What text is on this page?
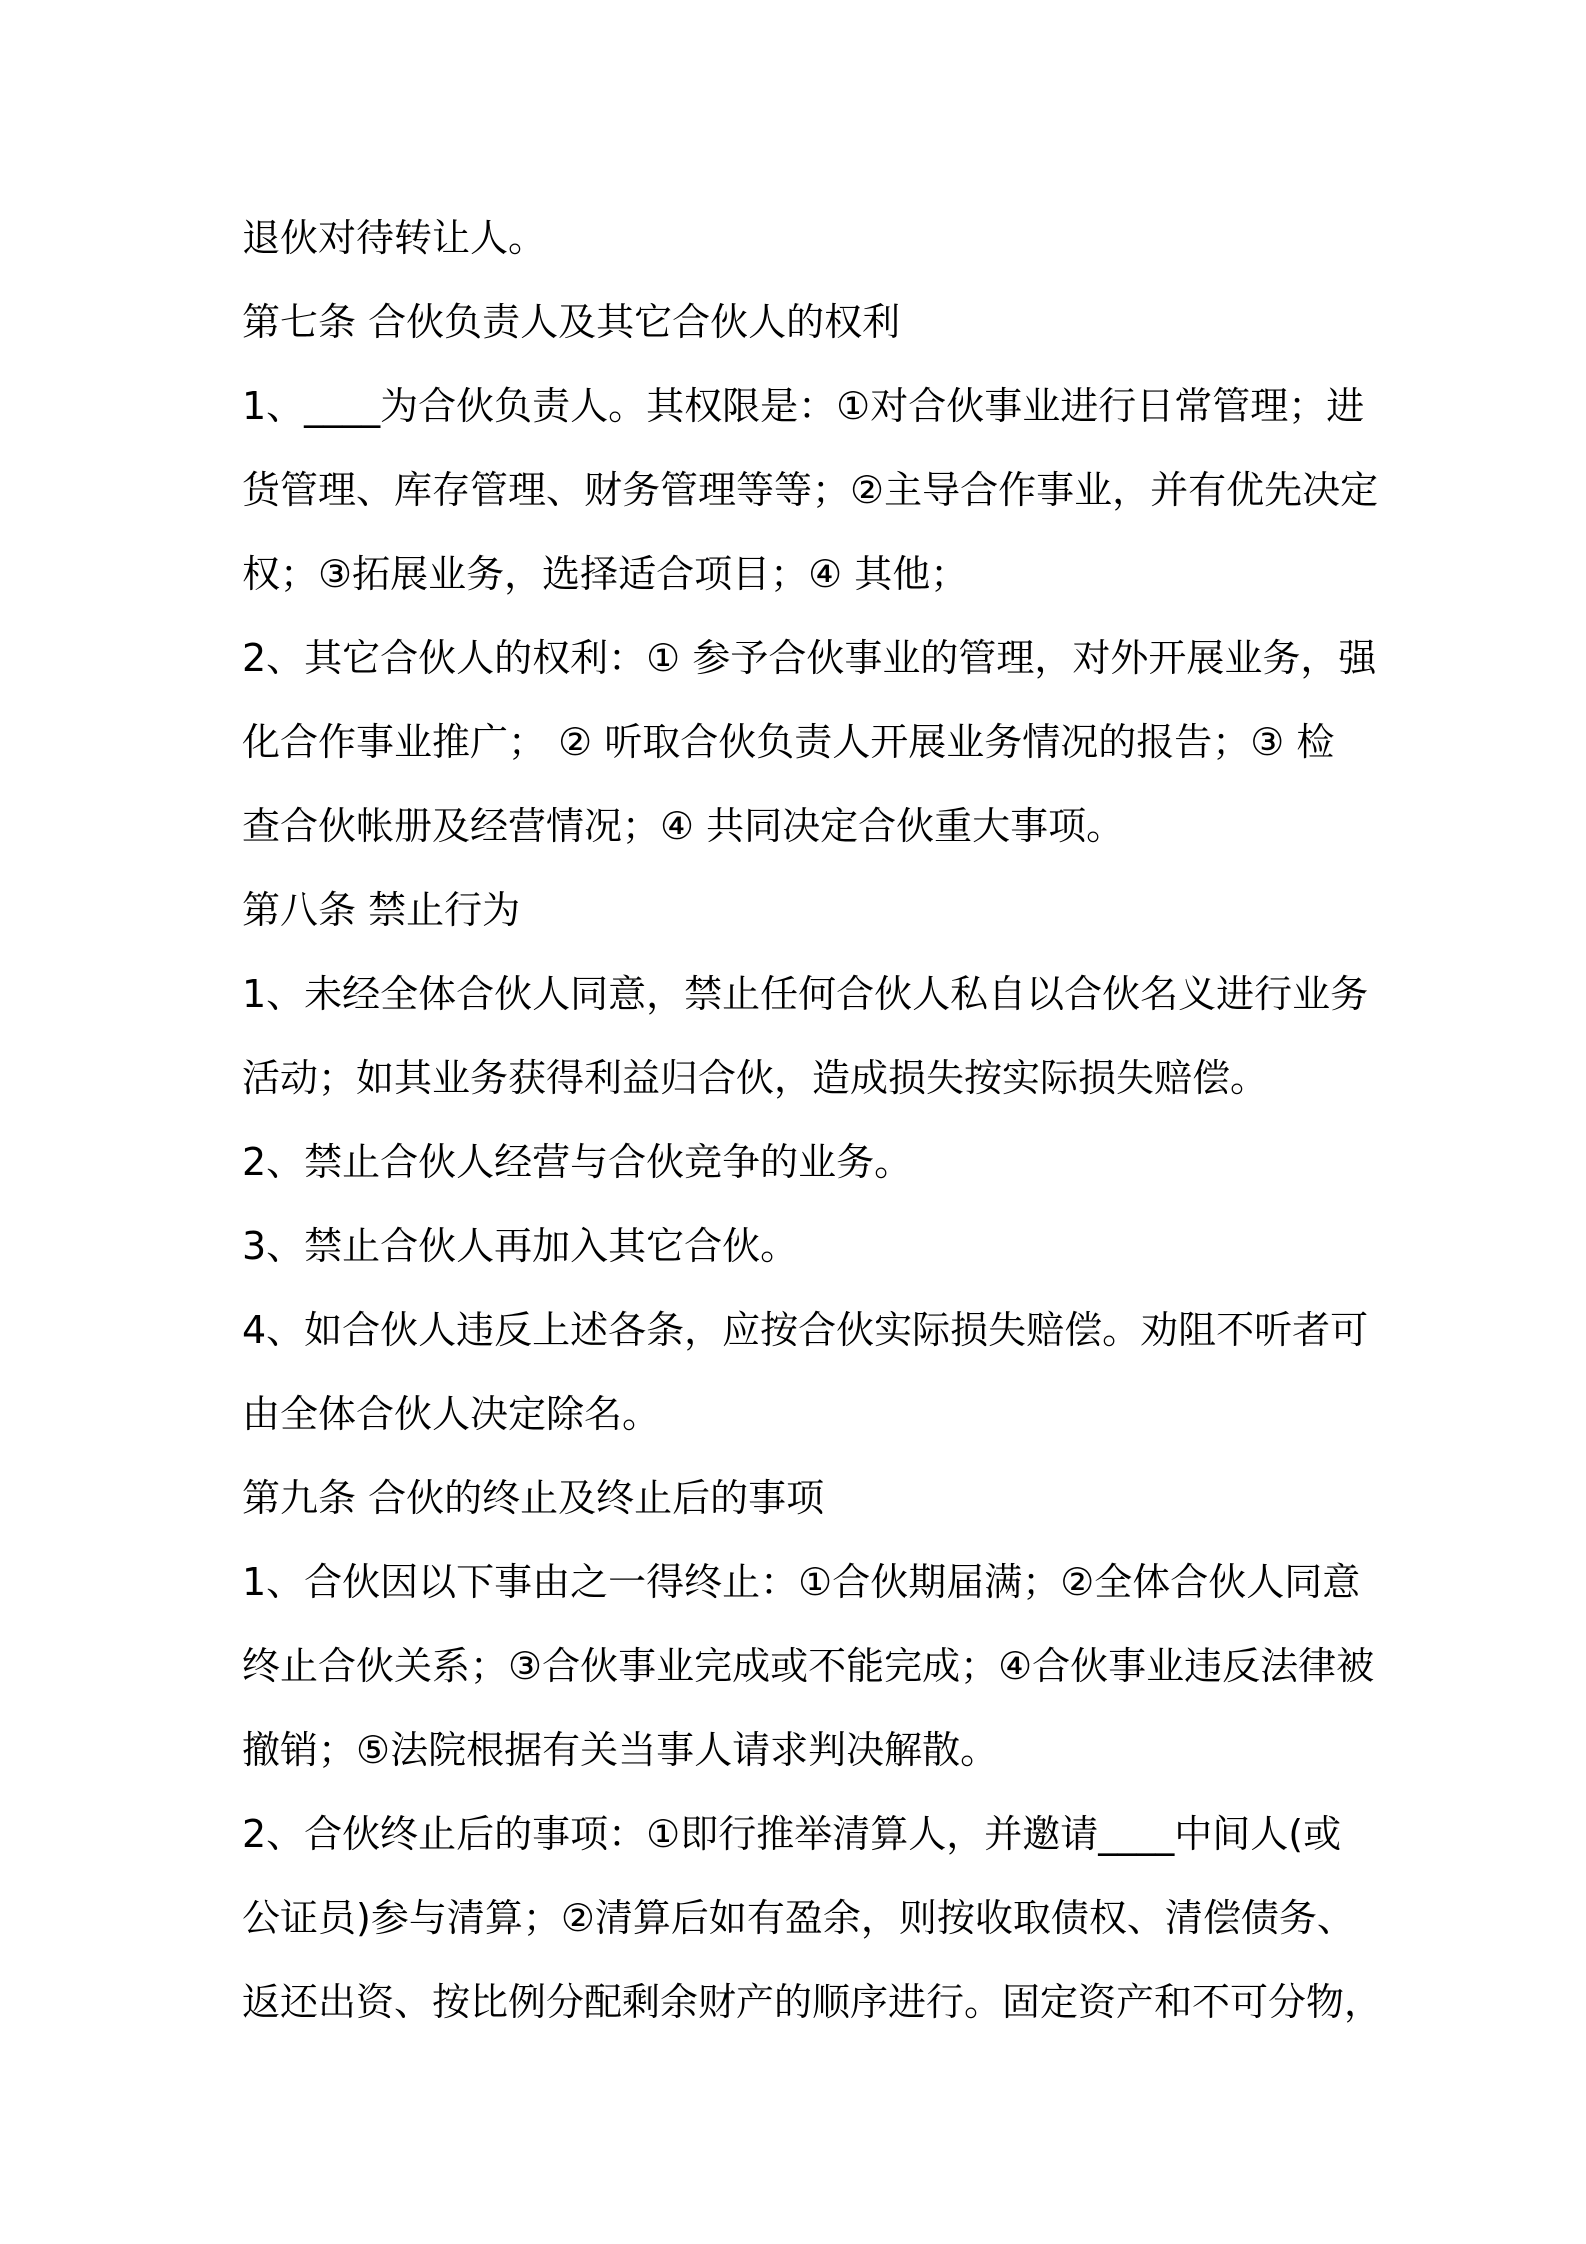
退伙对待转让人。
第七条 合伙负责人及其它合伙人的权利
1、____为合伙负责人。其权限是：①对合伙事业进行日常管理；进
货管理、库存管理、财务管理等等；②主导合作事业，并有优先决定
权；③拓展业务，选择适合项目；④ 其他；
2、其它合伙人的权利：① 参予合伙事业的管理，对外开展业务，强
化合作事业推广； ② 听取合伙负责人开展业务情况的报告；③ 检
查合伙帐册及经营情况；④ 共同决定合伙重大事项。
第八条 禁止行为
1、未经全体合伙人同意，禁止任何合伙人私自以合伙名义进行业务
活动；如其业务获得利益归合伙，造成损失按实际损失赔偿。
2、禁止合伙人经营与合伙竞争的业务。
3、禁止合伙人再加入其它合伙。
4、如合伙人违反上述各条，应按合伙实际损失赔偿。劝阻不听者可
由全体合伙人决定除名。
第九条 合伙的终止及终止后的事项
1、合伙因以下事由之一得终止：①合伙期届满；②全体合伙人同意
终止合伙关系；③合伙事业完成或不能完成；④合伙事业违反法律被
撤销；⑤法院根据有关当事人请求判决解散。
2、合伙终止后的事项：①即行推举清算人，并邀请____中间人(或
公证员)参与清算；②清算后如有盈余，则按收取债权、清偿债务、
返还出资、按比例分配剩余财产的顺序进行。固定资产和不可分物，
